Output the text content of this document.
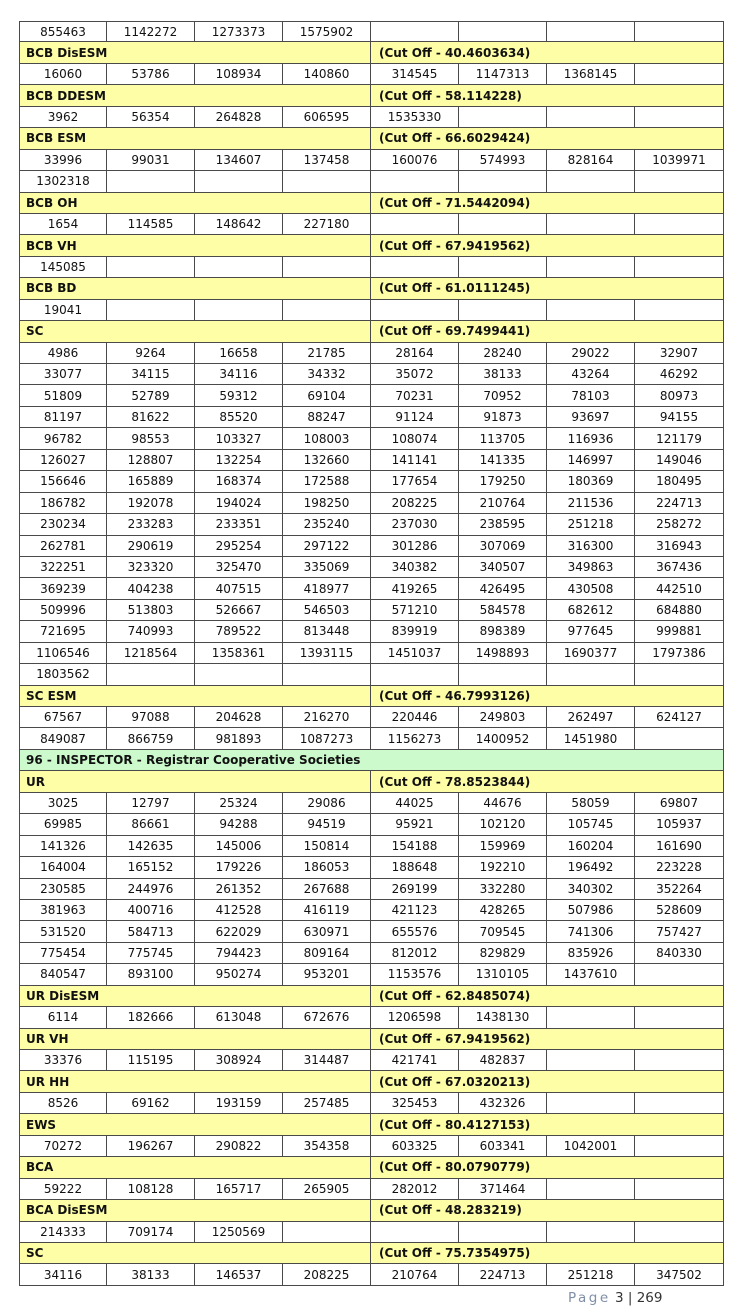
855463	1142272	1273373	1575902
BCB DisESM	(Cut Off - 40.4603634)
16060	53786	108934	140860	314545	1147313	1368145
BCB DDESM	(Cut Off - 58.114228)
3962	56354	264828	606595	1535330
BCB ESM	(Cut Off - 66.6029424)
33996	99031	134607	137458	160076	574993	828164	1039971
1302318
BCB OH	(Cut Off - 71.5442094)
1654	114585	148642	227180
BCB VH	(Cut Off - 67.9419562)
145085
BCB BD	(Cut Off - 61.0111245)
19041
SC	(Cut Off - 69.7499441)
4986	9264	16658	21785	28164	28240	29022	32907
33077	34115	34116	34332	35072	38133	43264	46292
51809	52789	59312	69104	70231	70952	78103	80973
81197	81622	85520	88247	91124	91873	93697	94155
96782	98553	103327	108003	108074	113705	116936	121179
126027	128807	132254	132660	141141	141335	146997	149046
156646	165889	168374	172588	177654	179250	180369	180495
186782	192078	194024	198250	208225	210764	211536	224713
230234	233283	233351	235240	237030	238595	251218	258272
262781	290619	295254	297122	301286	307069	316300	316943
322251	323320	325470	335069	340382	340507	349863	367436
369239	404238	407515	418977	419265	426495	430508	442510
509996	513803	526667	546503	571210	584578	682612	684880
721695	740993	789522	813448	839919	898389	977645	999881
1106546	1218564	1358361	1393115	1451037	1498893	1690377	1797386
1803562
SC ESM	(Cut Off - 46.7993126)
67567	97088	204628	216270	220446	249803	262497	624127
849087	866759	981893	1087273	1156273	1400952	1451980
96 - INSPECTOR - Registrar Cooperative Societies
UR	(Cut Off - 78.8523844)
3025	12797	25324	29086	44025	44676	58059	69807
69985	86661	94288	94519	95921	102120	105745	105937
141326	142635	145006	150814	154188	159969	160204	161690
164004	165152	179226	186053	188648	192210	196492	223228
230585	244976	261352	267688	269199	332280	340302	352264
381963	400716	412528	416119	421123	428265	507986	528609
531520	584713	622029	630971	655576	709545	741306	757427
775454	775745	794423	809164	812012	829829	835926	840330
840547	893100	950274	953201	1153576	1310105	1437610
UR DisESM	(Cut Off - 62.8485074)
6114	182666	613048	672676	1206598	1438130
UR VH	(Cut Off - 67.9419562)
33376	115195	308924	314487	421741	482837
UR HH	(Cut Off - 67.0320213)
8526	69162	193159	257485	325453	432326
EWS	(Cut Off - 80.4127153)
70272	196267	290822	354358	603325	603341	1042001
BCA	(Cut Off - 80.0790779)
59222	108128	165717	265905	282012	371464
BCA DisESM	(Cut Off - 48.283219)
214333	709174	1250569
SC	(Cut Off - 75.7354975)
34116	38133	146537	208225	210764	224713	251218	347502
Page 3 | 269
